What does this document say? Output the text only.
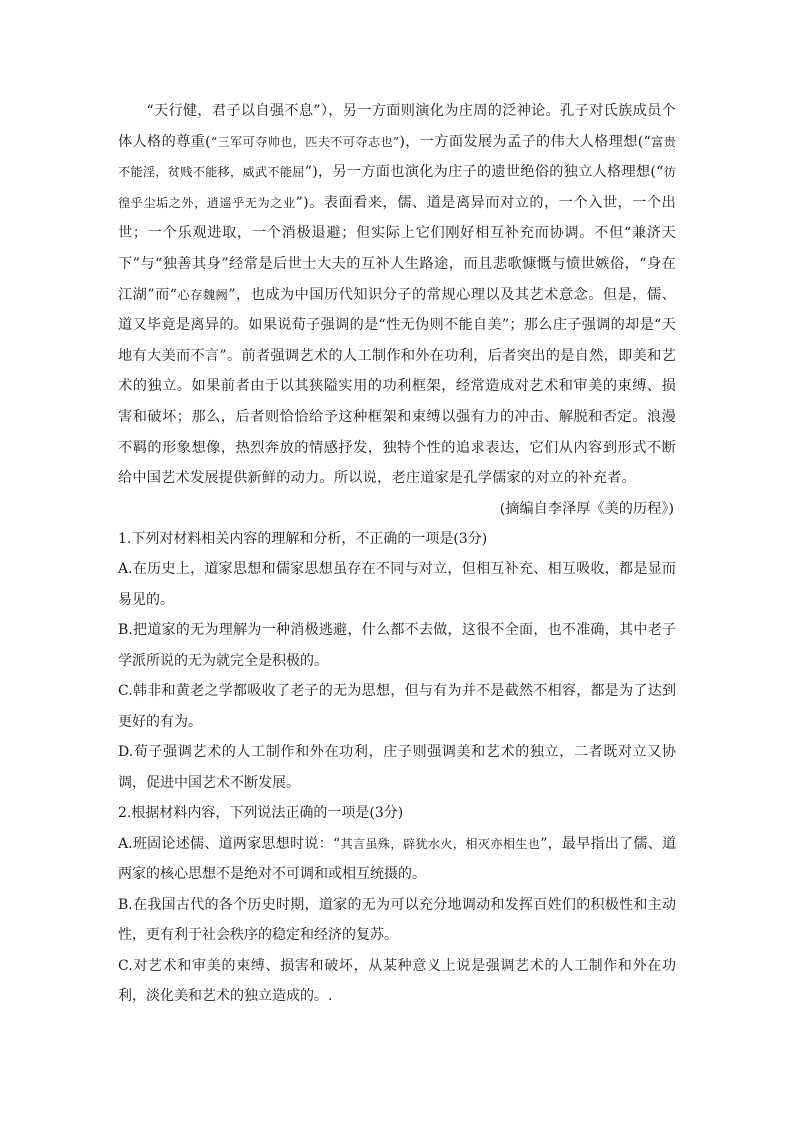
“天行健，君子以自强不息”），另一方面则演化为庄周的泛神论。孔子对氏族成员个体人格的尊重(“三军可夺帅也，匹夫不可夺志也”)，一方面发展为孟子的伟大人格理想(“富贵不能淫，贫贱不能移，威武不能屈”)，另一方面也演化为庄子的遗世绝俗的独立人格理想(“彷徨乎尘垢之外，逍遥乎无为之业”)。表面看来，儒、道是离异而对立的，一个入世，一个出世；一个乐观进取，一个消极退避；但实际上它们刚好相互补充而协调。不但“兼济天下”与“独善其身”经常是后世士大夫的互补人生路途，而且悲歌慷慨与愤世嫉俗，“身在江湖”而“心存魏阙”，也成为中国历代知识分子的常规心理以及其艺术意念。但是，儒、道又毕竟是离异的。如果说荀子强调的是“性无伪则不能自美”；那么庄子强调的却是“天地有大美而不言”。前者强调艺术的人工制作和外在功利，后者突出的是自然，即美和艺术的独立。如果前者由于以其狭隘实用的功利框架，经常造成对艺术和审美的束缚、损害和破坏；那么，后者则恰恰给予这种框架和束缚以强有力的冲击、解脱和否定。浪漫不羁的形象想像，热烈奔放的情感抒发，独特个性的追求表达，它们从内容到形式不断给中国艺术发展提供新鲜的动力。所以说，老庄道家是孔学儒家的对立的补充者。

(摘编自李泽厚《美的历程》)

1.下列对材料相关内容的理解和分析，不正确的一项是(3分)

A.在历史上，道家思想和儒家思想虽存在不同与对立，但相互补充、相互吸收，都是显而易见的。

B.把道家的无为理解为一种消极逃避，什么都不去做，这很不全面，也不准确，其中老子学派所说的无为就完全是积极的。

C.韩非和黄老之学都吸收了老子的无为思想，但与有为并不是截然不相容，都是为了达到更好的有为。

D.荀子强调艺术的人工制作和外在功利，庄子则强调美和艺术的独立，二者既对立又协调，促进中国艺术不断发展。

2.根据材料内容，下列说法正确的一项是(3分)

A.班固论述儒、道两家思想时说：“其言虽殊，辟犹水火，相灭亦相生也”，最早指出了儒、道两家的核心思想不是绝对不可调和或相互统摄的。

B.在我国古代的各个历史时期，道家的无为可以充分地调动和发挥百姓们的积极性和主动性，更有利于社会秩序的稳定和经济的复苏。

C.对艺术和审美的束缚、损害和破坏，从某种意义上说是强调艺术的人工制作和外在功利，淡化美和艺术的独立造成的。.
